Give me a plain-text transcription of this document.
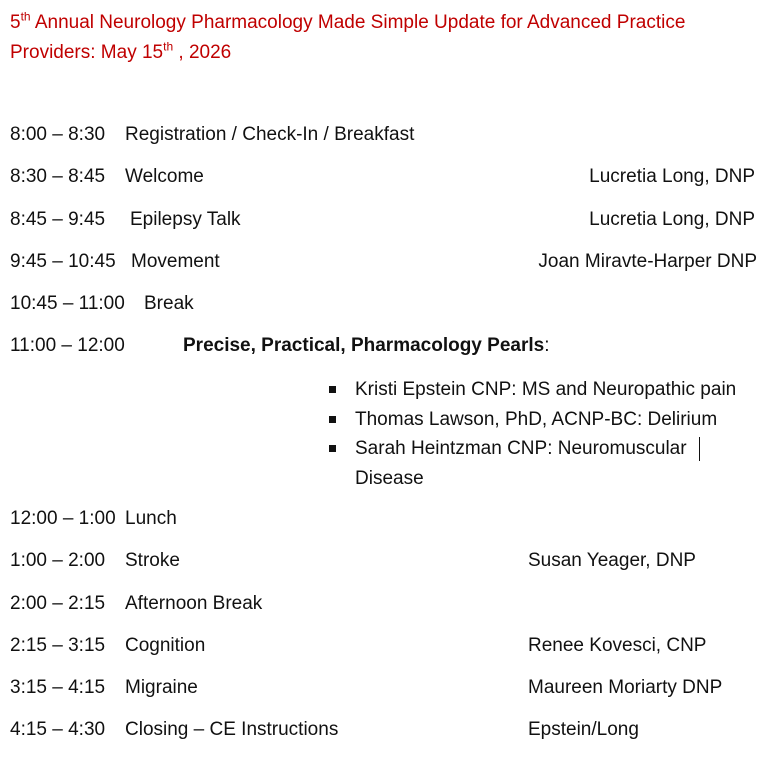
5th Annual Neurology Pharmacology Made Simple Update for Advanced Practice Providers: May 15th , 2026
8:00 – 8:30 Registration / Check-In / Breakfast
8:30 – 8:45 Welcome	Lucretia Long, DNP
8:45 – 9:45 Epilepsy Talk	Lucretia Long, DNP
9:45 – 10:45 Movement	Joan Miravte-Harper DNP
10:45 – 11:00 Break
11:00 – 12:00	Precise, Practical, Pharmacology Pearls:
Kristi Epstein CNP: MS and Neuropathic pain
Thomas Lawson, PhD, ACNP-BC: Delirium
Sarah Heintzman CNP: Neuromuscular Disease
12:00 – 1:00 Lunch
1:00 – 2:00 Stroke	Susan Yeager, DNP
2:00 – 2:15 Afternoon Break
2:15 – 3:15 Cognition	Renee Kovesci, CNP
3:15 – 4:15 Migraine	Maureen Moriarty DNP
4:15 – 4:30 Closing – CE Instructions	Epstein/Long
